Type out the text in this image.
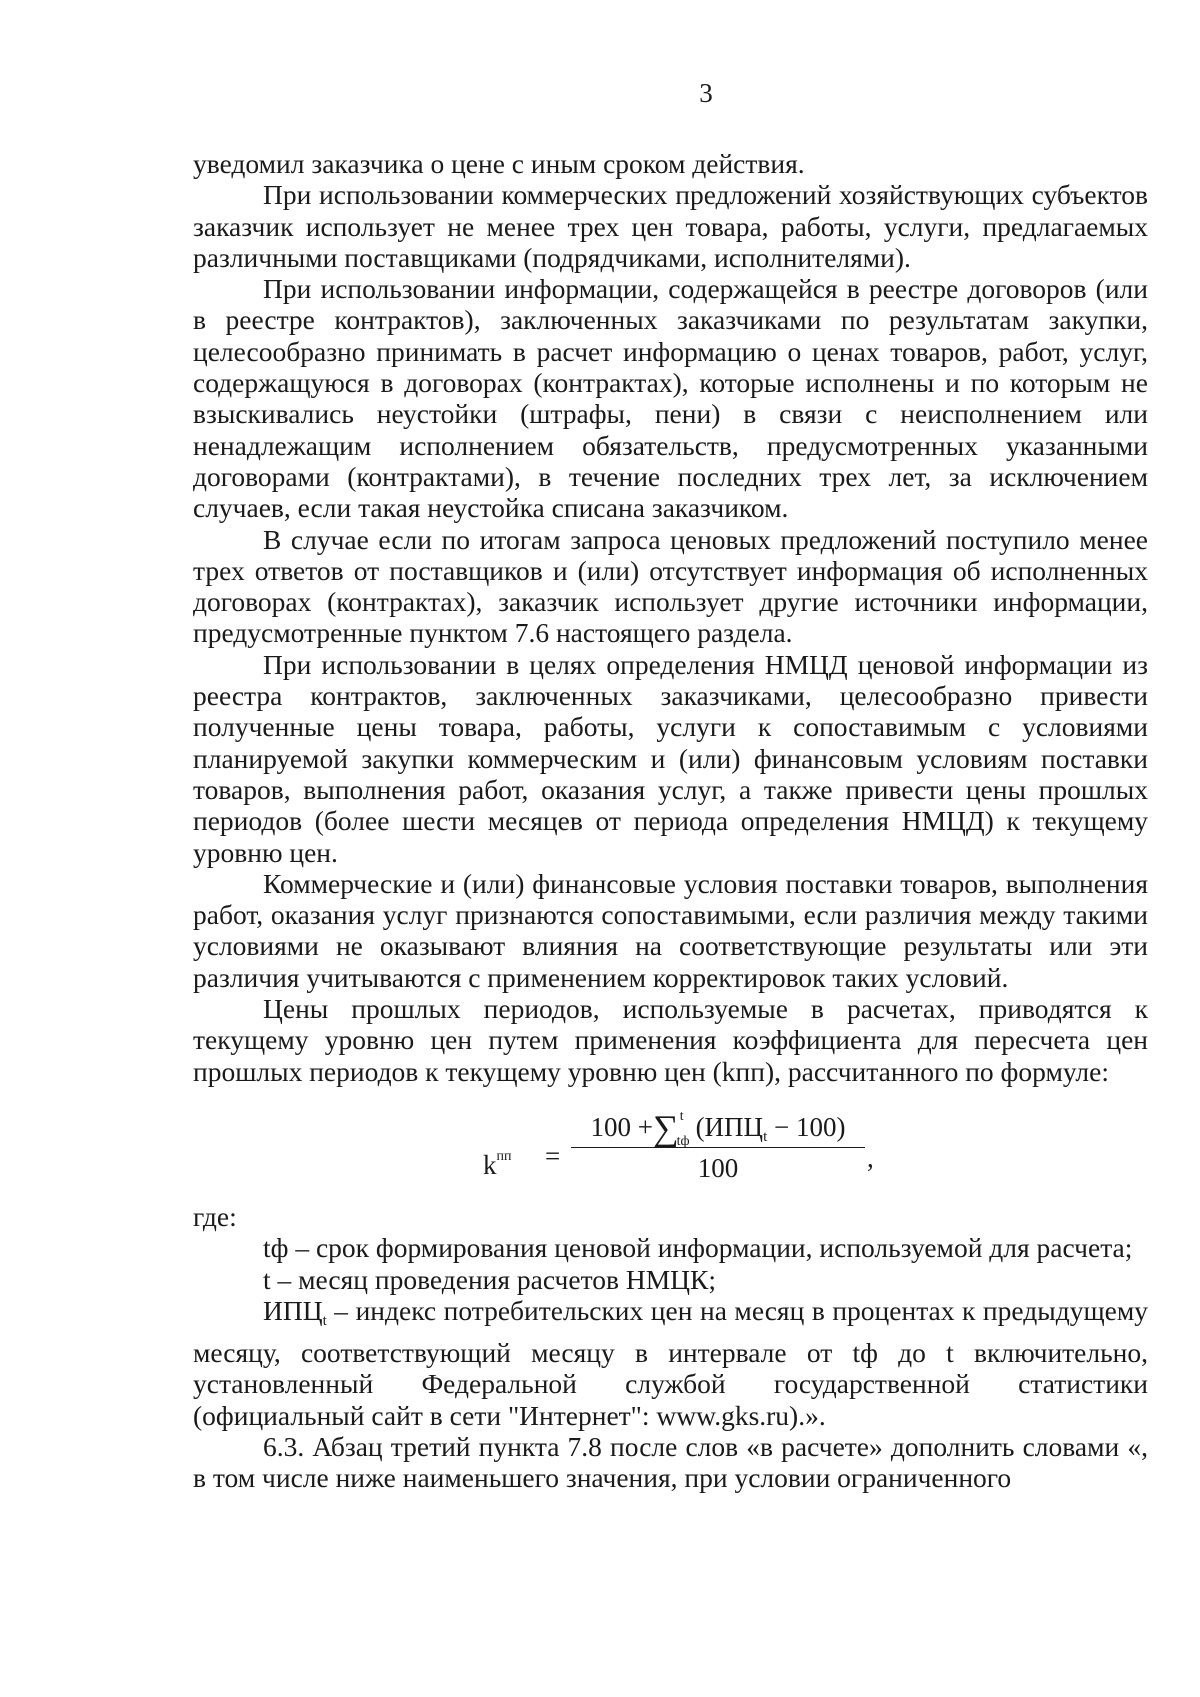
3

уведомил заказчика о цене с иным сроком действия.

При использовании коммерческих предложений хозяйствующих субъектов заказчик использует не менее трех цен товара, работы, услуги, предлагаемых различными поставщиками (подрядчиками, исполнителями).

При использовании информации, содержащейся в реестре договоров (или в реестре контрактов), заключенных заказчиками по результатам закупки, целесообразно принимать в расчет информацию о ценах товаров, работ, услуг, содержащуюся в договорах (контрактах), которые исполнены и по которым не взыскивались неустойки (штрафы, пени) в связи с неисполнением или ненадлежащим исполнением обязательств, предусмотренных указанными договорами (контрактами), в течение последних трех лет, за исключением случаев, если такая неустойка списана заказчиком.

В случае если по итогам запроса ценовых предложений поступило менее трех ответов от поставщиков и (или) отсутствует информация об исполненных договорах (контрактах), заказчик использует другие источники информации, предусмотренные пунктом 7.6 настоящего раздела.

При использовании в целях определения НМЦД ценовой информации из реестра контрактов, заключенных заказчиками, целесообразно привести полученные цены товара, работы, услуги к сопоставимым с условиями планируемой закупки коммерческим и (или) финансовым условиям поставки товаров, выполнения работ, оказания услуг, а также привести цены прошлых периодов (более шести месяцев от периода определения НМЦД) к текущему уровню цен.

Коммерческие и (или) финансовые условия поставки товаров, выполнения работ, оказания услуг признаются сопоставимыми, если различия между такими условиями не оказывают влияния на соответствующие результаты или эти различия учитываются с применением корректировок таких условий.

Цены прошлых периодов, используемые в расчетах, приводятся к текущему уровню цен путем применения коэффициента для пересчета цен прошлых периодов к текущему уровню цен (kпп), рассчитанного по формуле:

$k^{пп}$ =
100 +∑$^t_{tф}$ $(ИПЦ_t - 100)$
100	,

где:

tф – срок формирования ценовой информации, используемой для расчета;

t – месяц проведения расчетов НМЦК;

$ИПЦ_t$ – индекс потребительских цен на месяц в процентах к предыдущему месяцу, соответствующий месяцу в интервале от tф до t включительно, установленный Федеральной службой государственной статистики (официальный сайт в сети "Интернет": www.gks.ru).».

6.3. Абзац третий пункта 7.8 после слов «в расчете» дополнить словами «, в том числе ниже наименьшего значения, при условии ограниченного
